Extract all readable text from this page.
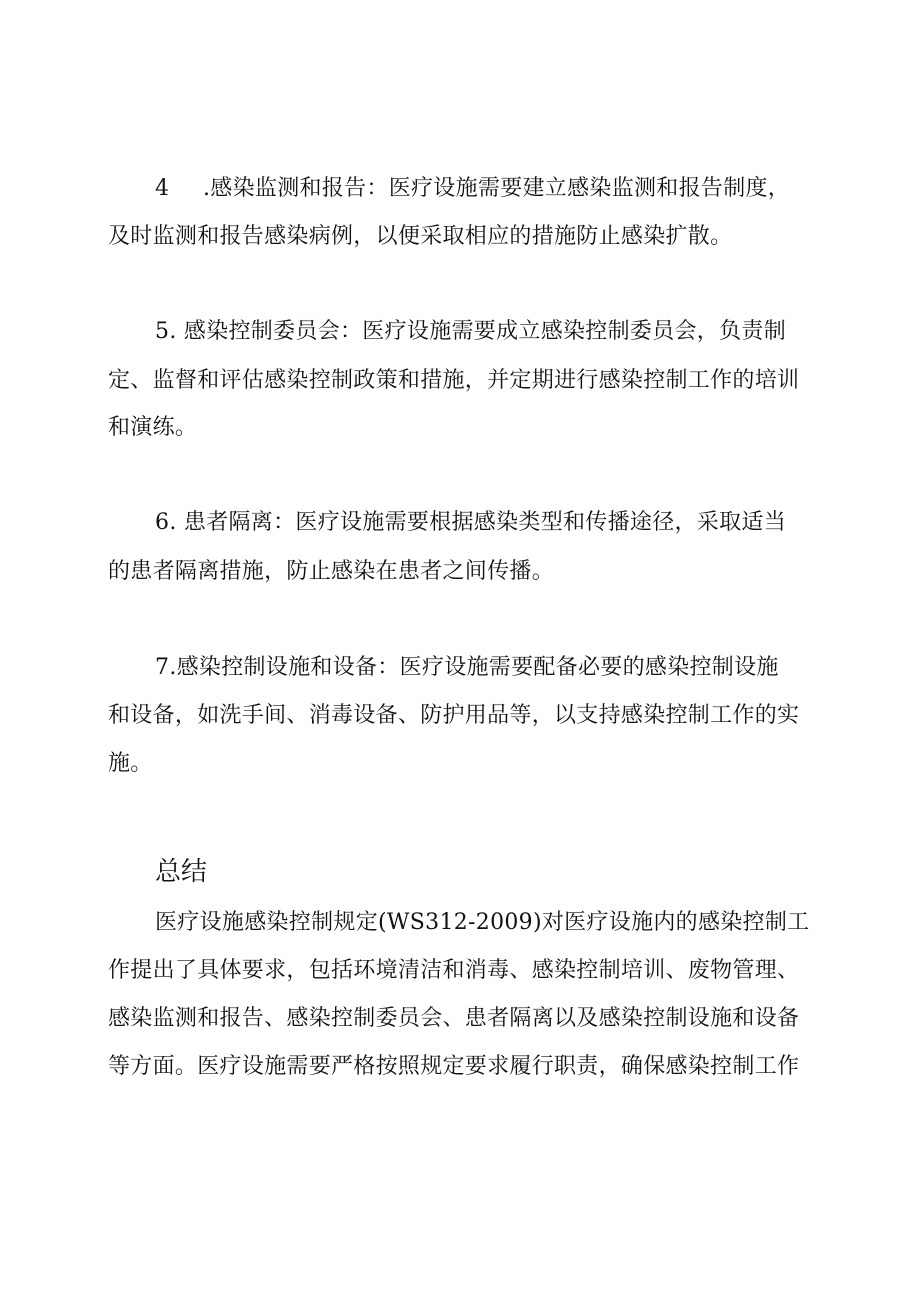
4 .感染监测和报告：医疗设施需要建立感染监测和报告制度，
及时监测和报告感染病例，以便采取相应的措施防止感染扩散。
5. 感染控制委员会：医疗设施需要成立感染控制委员会，负责制
定、监督和评估感染控制政策和措施，并定期进行感染控制工作的培训
和演练。
6. 患者隔离：医疗设施需要根据感染类型和传播途径，采取适当
的患者隔离措施，防止感染在患者之间传播。
7.感染控制设施和设备：医疗设施需要配备必要的感染控制设施
和设备，如洗手间、消毒设备、防护用品等，以支持感染控制工作的实
施。
总结
医疗设施感染控制规定(WS312-2009)对医疗设施内的感染控制工
作提出了具体要求，包括环境清洁和消毒、感染控制培训、废物管理、
感染监测和报告、感染控制委员会、患者隔离以及感染控制设施和设备
等方面。医疗设施需要严格按照规定要求履行职责，确保感染控制工作
